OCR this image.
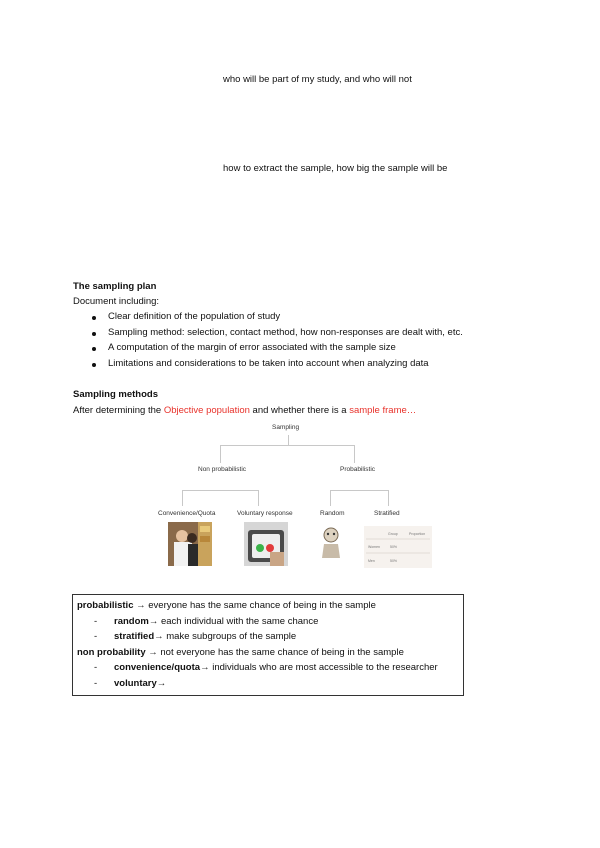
who will be part of my study, and who will not
how to extract the sample, how big the sample will be
The sampling plan
Document including:
Clear definition of the population of study
Sampling method: selection, contact method, how non-responses are dealt with, etc.
A computation of the margin of error associated with the sample size
Limitations and considerations to be taken into account when analyzing data
Sampling methods
After determining the Objective population and whether there is a sample frame…
Sampling
Non probabilistic	Probabilistic
Convenience/Quota	Voluntary response	Random	Stratified
Group	Proportion
Women	50%
Men	50%
probabilistic → everyone has the same chance of being in the sample
- random→ each individual with the same chance
- stratified→ make subgroups of the sample
non probability → not everyone has the same chance of being in the sample
- convenience/quota→ individuals who are most accessible to the researcher
- voluntary→
